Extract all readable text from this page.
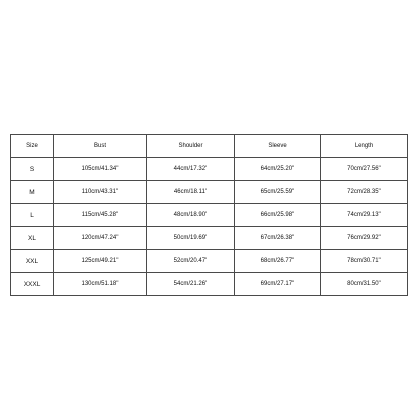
Size	Bust	Shoulder	Sleeve	Length
S	105cm/41.34''	44cm/17.32''	64cm/25.20''	70cm/27.56''
M	110cm/43.31''	46cm/18.11''	65cm/25.59''	72cm/28.35''
L	115cm/45.28''	48cm/18.90''	66cm/25.98''	74cm/29.13''
XL	120cm/47.24''	50cm/19.69''	67cm/26.38''	76cm/29.92''
XXL	125cm/49.21''	52cm/20.47''	68cm/26.77''	78cm/30.71''
XXXL	130cm/51.18''	54cm/21.26''	69cm/27.17''	80cm/31.50''
